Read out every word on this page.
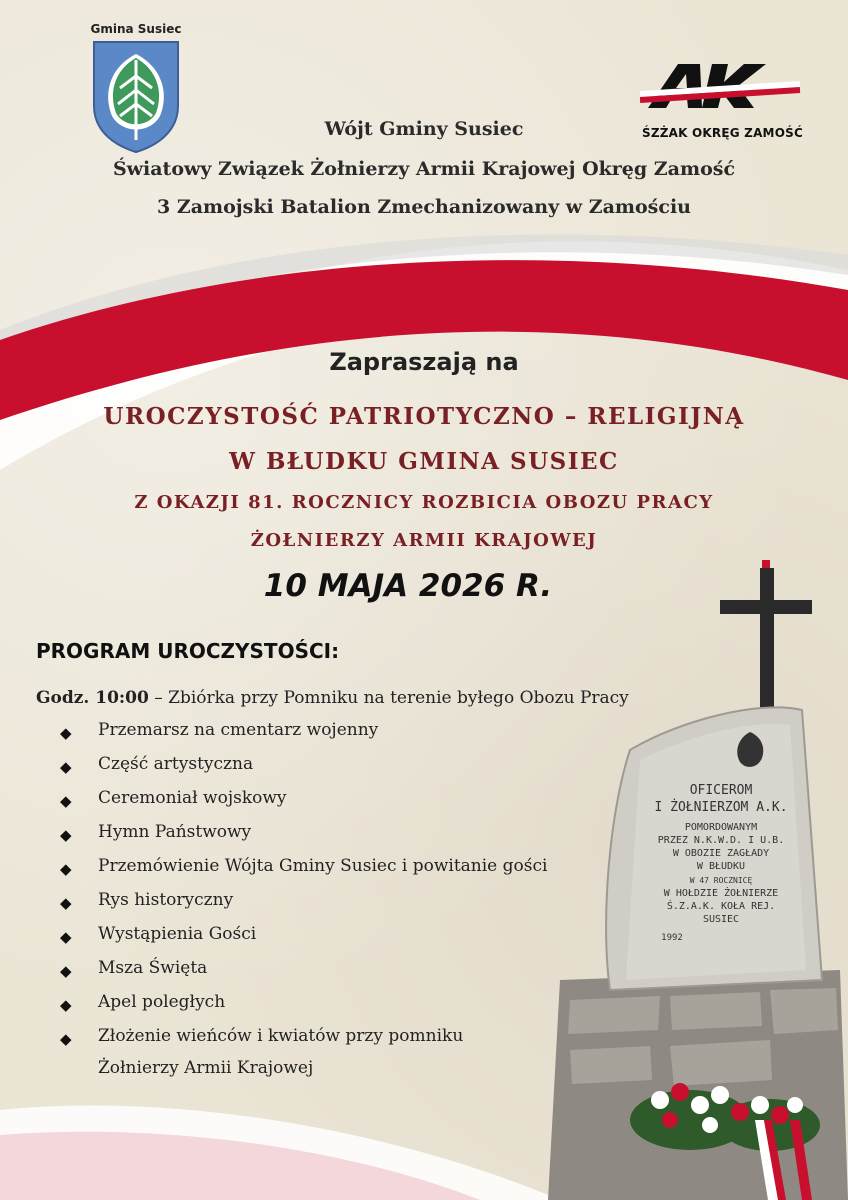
Gmina Susiec
ŚZŻAK OKRĘG ZAMOŚĆ
Wójt Gminy Susiec
Światowy Związek Żołnierzy Armii Krajowej Okręg Zamość
3 Zamojski Batalion Zmechanizowany w Zamościu
Zapraszają na
UROCZYSTOŚĆ PATRIOTYCZNO – RELIGIJNĄ
W BŁUDKU GMINA SUSIEC
Z OKAZJI 81. ROCZNICY ROZBICIA OBOZU PRACY
ŻOŁNIERZY ARMII KRAJOWEJ
10 MAJA 2026 R.
OFICEROM
I ŻOŁNIERZOM A.K.
POMORDOWANYM
PRZEZ N.K.W.D. I U.B.
W OBOZIE ZAGŁADY
W BŁUDKU
W 47 ROCZNICĘ
W HOŁDZIE ŻOŁNIERZE
Ś.Z.A.K. KOŁA REJ.
SUSIEC
1992
PROGRAM UROCZYSTOŚCI:
Godz. 10:00 – Zbiórka przy Pomniku na terenie byłego Obozu Pracy
◆ Przemarsz na cmentarz wojenny
◆ Część artystyczna
◆ Ceremoniał wojskowy
◆ Hymn Państwowy
◆ Przemówienie Wójta Gminy Susiec i powitanie gości
◆ Rys historyczny
◆ Wystąpienia Gości
◆ Msza Święta
◆ Apel poległych
◆ Złożenie wieńców i kwiatów przy pomniku
Żołnierzy Armii Krajowej
